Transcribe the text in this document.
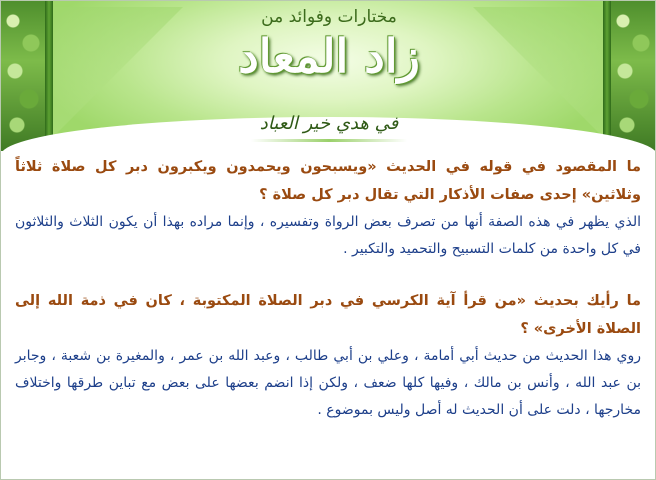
مختارات وفوائد من
زاد المعاد
في هدي خير العباد

ما المقصود في قوله في الحديث «ويسبحون ويحمدون ويكبرون دبر كل صلاة ثلاثاً وثلاثين» إحدى صفات الأذكار التي تقال دبر كل صلاة ؟

الذي يظهر في هذه الصفة أنها من تصرف بعض الرواة وتفسيره ، وإنما مراده بهذا أن يكون الثلاث والثلاثون في كل واحدة من كلمات التسبيح والتحميد والتكبير .

ما رأيك بحديث «من قرأ آية الكرسي في دبر الصلاة المكتوبة ، كان في ذمة الله إلى الصلاة الأخرى» ؟

روي هذا الحديث من حديث أبي أمامة ، وعلي بن أبي طالب ، وعبد الله بن عمر ، والمغيرة بن شعبة ، وجابر بن عبد الله ، وأنس بن مالك ، وفيها كلها ضعف ، ولكن إذا انضم بعضها على بعض مع تباين طرقها واختلاف مخارجها ، دلت على أن الحديث له أصل وليس بموضوع .
